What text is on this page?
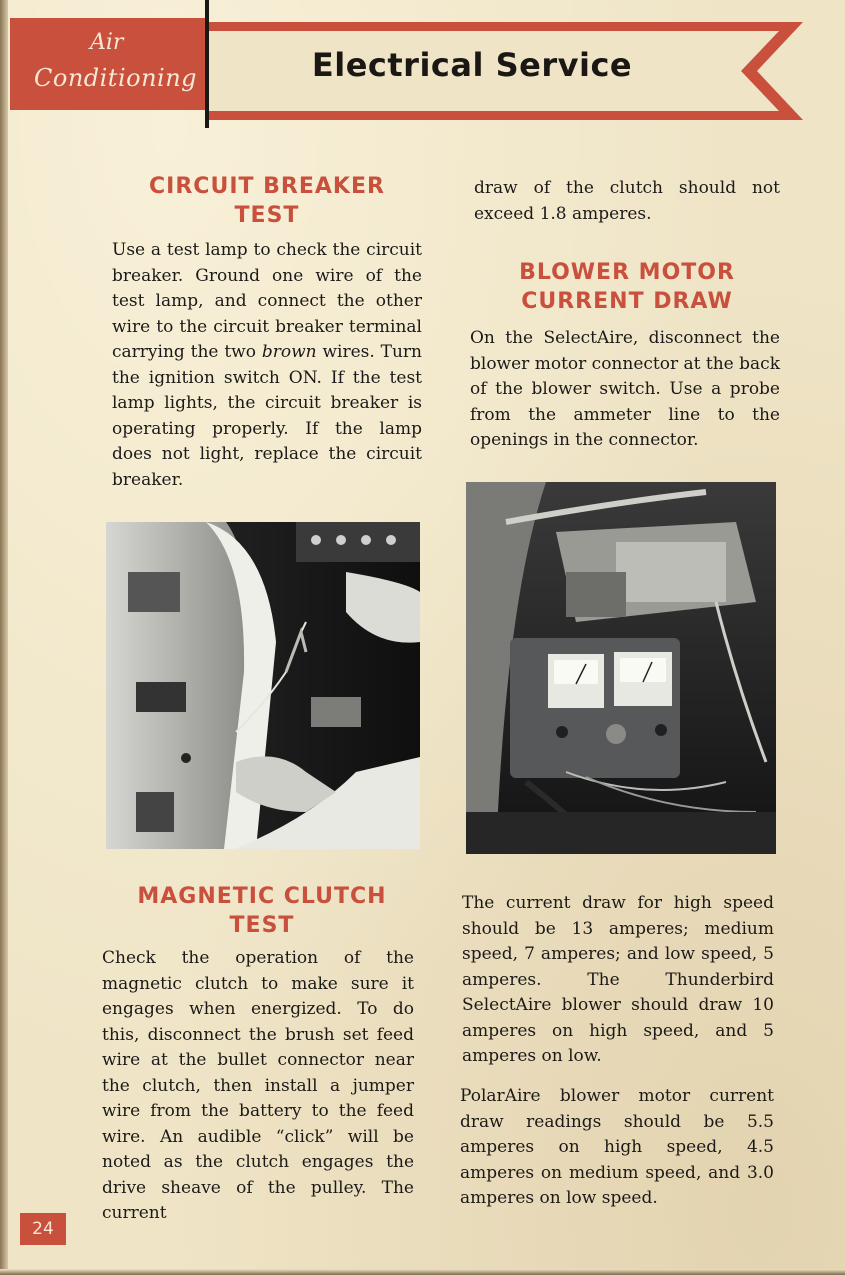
Air
Conditioning	Electrical Service
CIRCUIT BREAKER
TEST
Use a test lamp to check the circuit breaker. Ground one wire of the test lamp, and connect the other wire to the circuit breaker terminal carrying the two brown wires. Turn the ignition switch ON. If the test lamp lights, the circuit breaker is operating properly. If the lamp does not light, replace the circuit breaker.
MAGNETIC CLUTCH
TEST
Check the operation of the magnetic clutch to make sure it engages when energized. To do this, disconnect the brush set feed wire at the bullet connector near the clutch, then install a jumper wire from the battery to the feed wire. An audible “click” will be noted as the clutch engages the drive sheave of the pulley. The current
draw of the clutch should not exceed 1.8 amperes.
BLOWER MOTOR
CURRENT DRAW
On the SelectAire, disconnect the blower motor connector at the back of the blower switch. Use a probe from the ammeter line to the openings in the connector.
The current draw for high speed should be 13 amperes; medium speed, 7 amperes; and low speed, 5 amperes. The Thunderbird SelectAire blower should draw 10 amperes on high speed, and 5 amperes on low.
PolarAire blower motor current draw readings should be 5.5 amperes on high speed, 4.5 amperes on medium speed, and 3.0 amperes on low speed.
24
